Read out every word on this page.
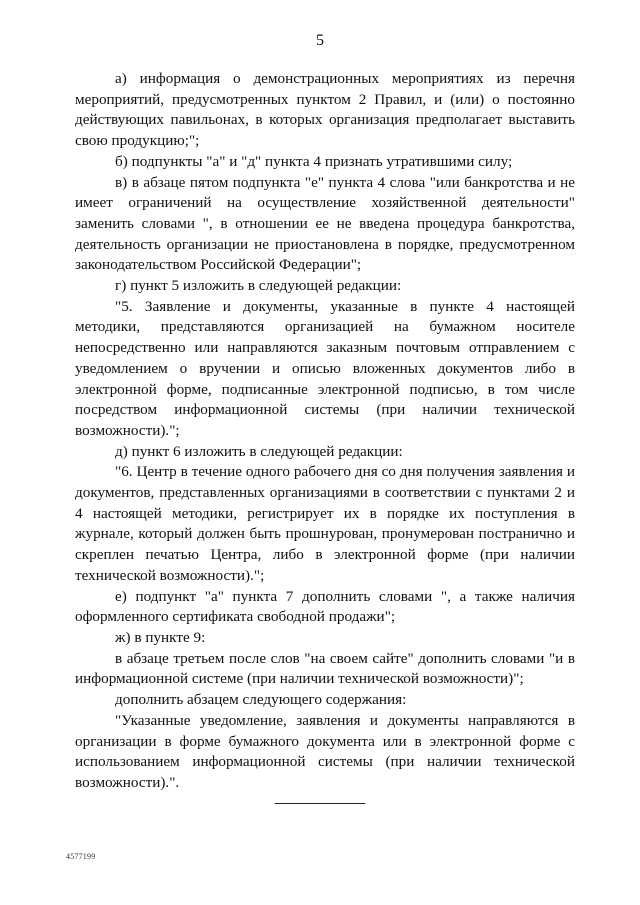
5

а) информация о демонстрационных мероприятиях из перечня мероприятий, предусмотренных пунктом 2 Правил, и (или) о постоянно действующих павильонах, в которых организация предполагает выставить свою продукцию;";

б) подпункты "а" и "д" пункта 4 признать утратившими силу;

в) в абзаце пятом подпункта "е" пункта 4 слова "или банкротства и не имеет ограничений на осуществление хозяйственной деятельности" заменить словами ", в отношении ее не введена процедура банкротства, деятельность организации не приостановлена в порядке, предусмотренном законодательством Российской Федерации";

г) пункт 5 изложить в следующей редакции:

"5. Заявление и документы, указанные в пункте 4 настоящей методики, представляются организацией на бумажном носителе непосредственно или направляются заказным почтовым отправлением с уведомлением о вручении и описью вложенных документов либо в электронной форме, подписанные электронной подписью, в том числе посредством информационной системы (при наличии технической возможности).";

д) пункт 6 изложить в следующей редакции:

"6. Центр в течение одного рабочего дня со дня получения заявления и документов, представленных организациями в соответствии с пунктами 2 и 4 настоящей методики, регистрирует их в порядке их поступления в журнале, который должен быть прошнурован, пронумерован постранично и скреплен печатью Центра, либо в электронной форме (при наличии технической возможности).";

е) подпункт "а" пункта 7 дополнить словами ", а также наличия оформленного сертификата свободной продажи";

ж) в пункте 9:

в абзаце третьем после слов "на своем сайте" дополнить словами "и в информационной системе (при наличии технической возможности)";

дополнить абзацем следующего содержания:

"Указанные уведомление, заявления и документы направляются в организации в форме бумажного документа или в электронной форме с использованием информационной системы (при наличии технической возможности).".

4577199
